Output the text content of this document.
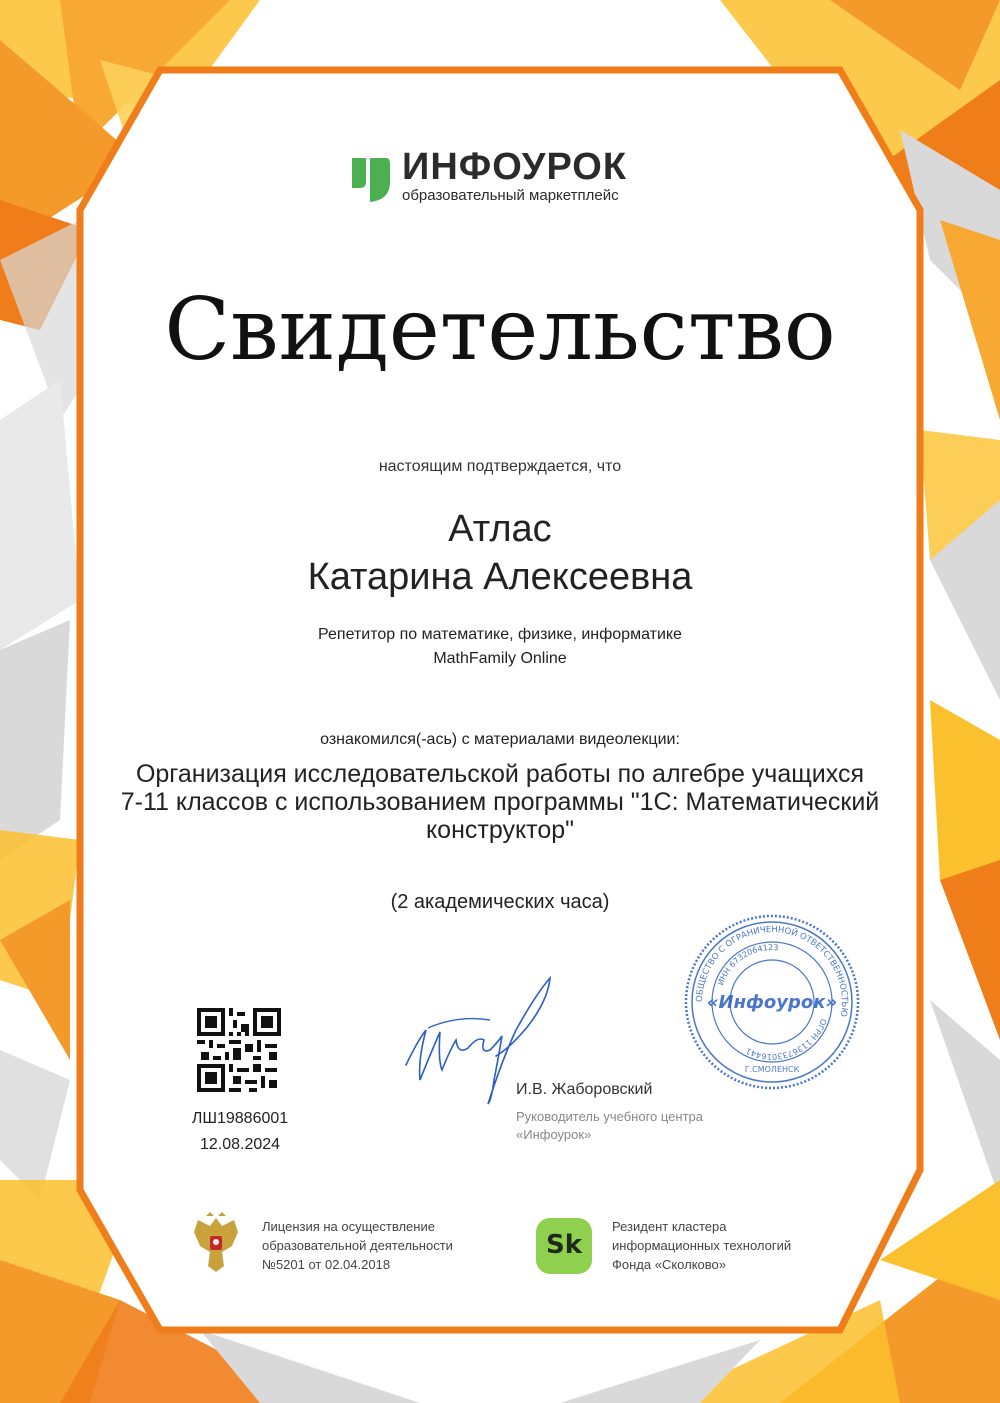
ИНФОУРОК
образовательный маркетплейс
Свидетельство
настоящим подтверждается, что
Атлас
Катарина Алексеевна
Репетитор по математике, физике, информатике
MathFamily Online
ознакомился(-ась) с материалами видеолекции:
Организация исследовательской работы по алгебре учащихся
7-11 классов с использованием программы "1С: Математический
конструктор"
(2 академических часа)
ЛШ19886001
12.08.2024
И.В. Жаборовский
Руководитель учебного центра
«Инфоурок»
ОБЩЕСТВО С ОГРАНИЧЕННОЙ ОТВЕТСТВЕННОСТЬЮ
ИНН 6732064123
ОГРН 1136733016441
«Инфоурок»
Г.СМОЛЕНСК
Лицензия на осуществление
образовательной деятельности
№5201 от 02.04.2018
Sk
Резидент кластера
информационных технологий
Фонда «Сколково»
